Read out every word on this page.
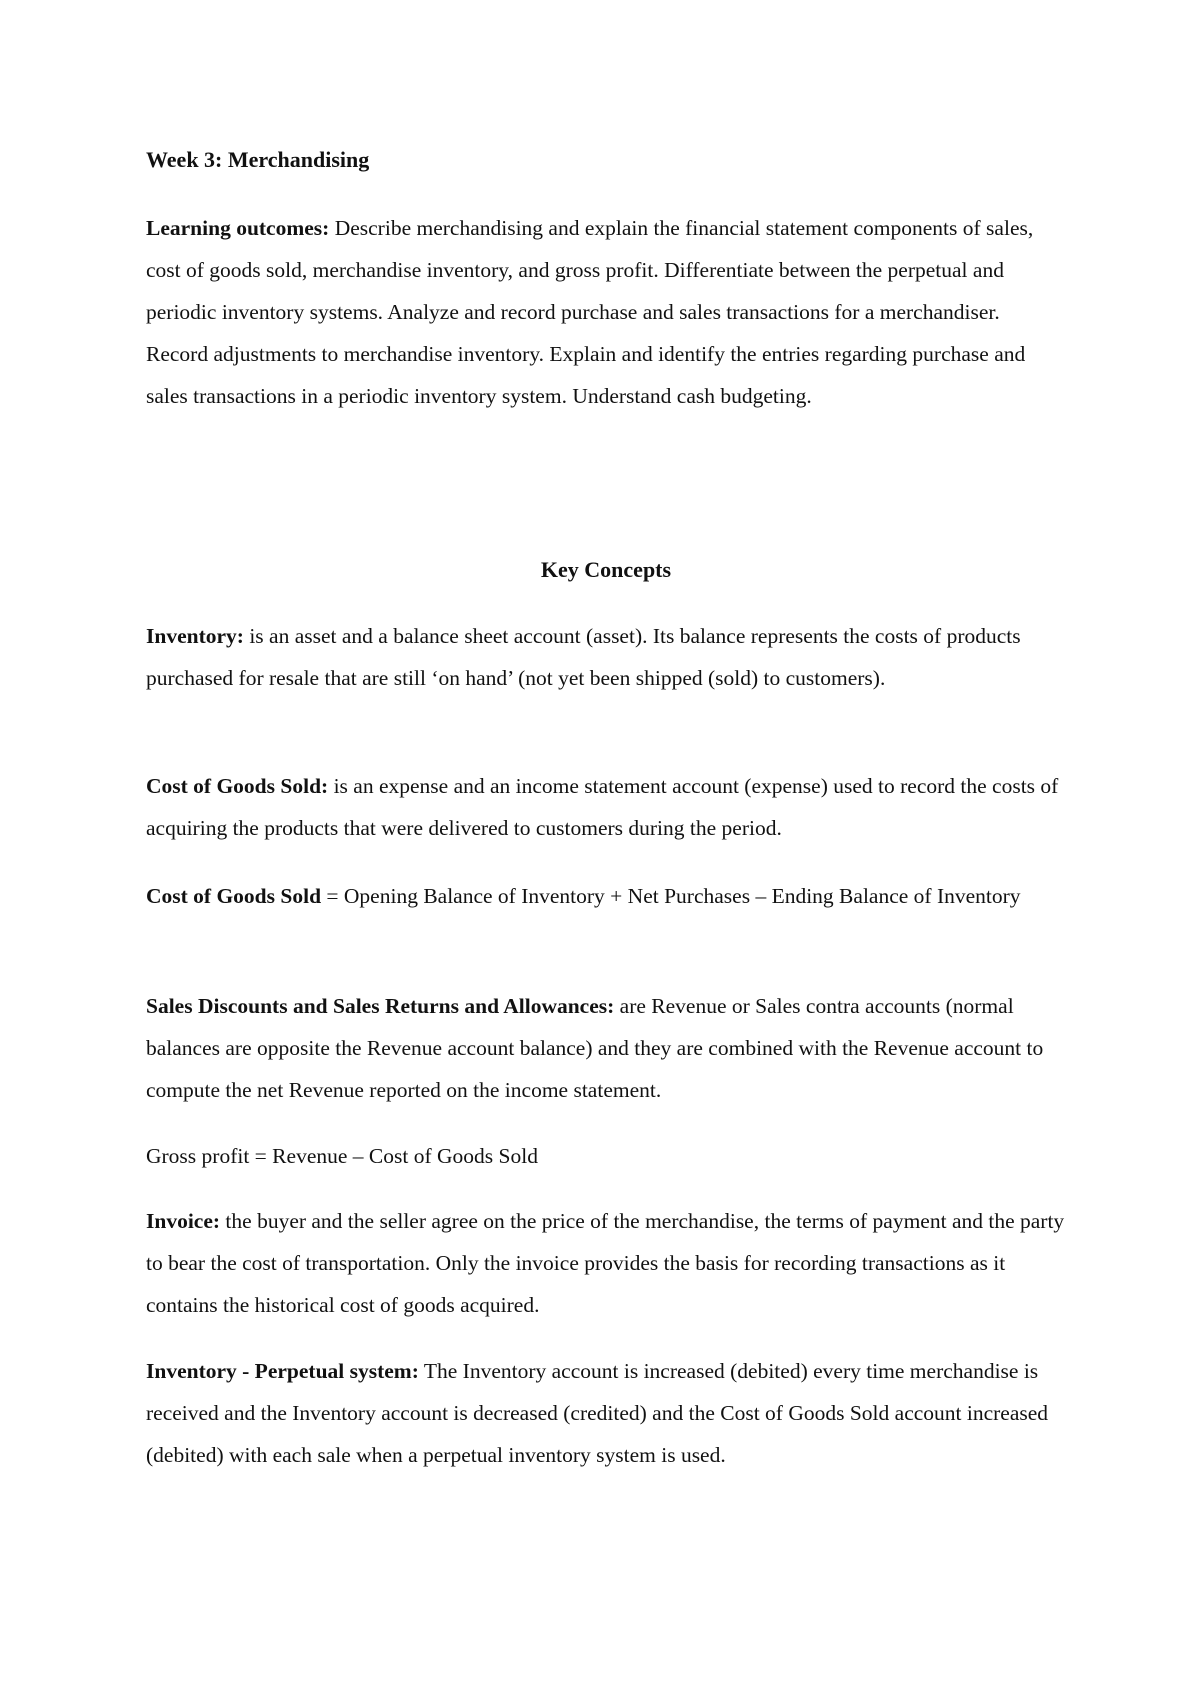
Week 3: Merchandising

Learning outcomes: Describe merchandising and explain the financial statement components of sales, cost of goods sold, merchandise inventory, and gross profit. Differentiate between the perpetual and periodic inventory systems. Analyze and record purchase and sales transactions for a merchandiser. Record adjustments to merchandise inventory. Explain and identify the entries regarding purchase and sales transactions in a periodic inventory system. Understand cash budgeting.

Key Concepts

Inventory: is an asset and a balance sheet account (asset). Its balance represents the costs of products purchased for resale that are still ‘on hand’ (not yet been shipped (sold) to customers).

Cost of Goods Sold: is an expense and an income statement account (expense) used to record the costs of acquiring the products that were delivered to customers during the period.

Cost of Goods Sold = Opening Balance of Inventory + Net Purchases – Ending Balance of Inventory

Sales Discounts and Sales Returns and Allowances: are Revenue or Sales contra accounts (normal balances are opposite the Revenue account balance) and they are combined with the Revenue account to compute the net Revenue reported on the income statement.

Gross profit = Revenue – Cost of Goods Sold

Invoice: the buyer and the seller agree on the price of the merchandise, the terms of payment and the party to bear the cost of transportation. Only the invoice provides the basis for recording transactions as it contains the historical cost of goods acquired.

Inventory - Perpetual system: The Inventory account is increased (debited) every time merchandise is received and the Inventory account is decreased (credited) and the Cost of Goods Sold account increased (debited) with each sale when a perpetual inventory system is used.
